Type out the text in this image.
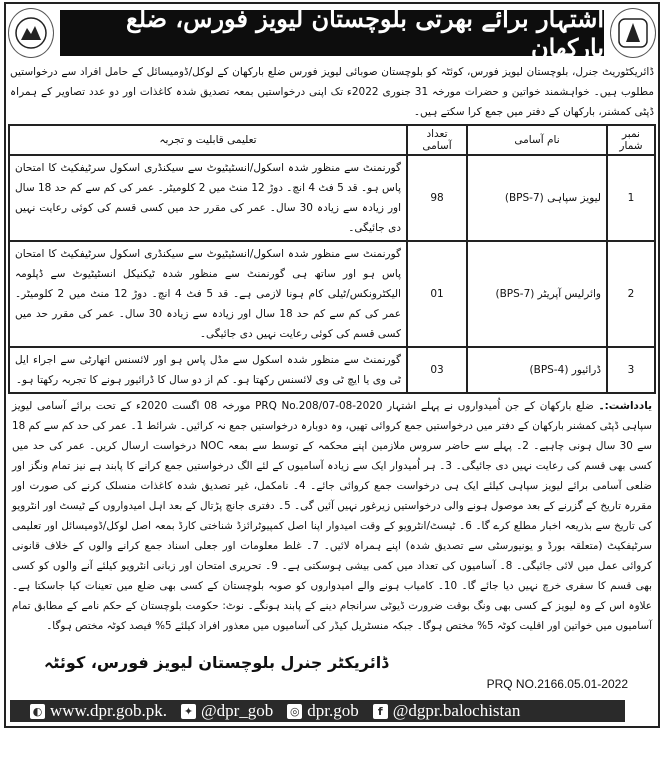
اشتہار برائے بھرتی بلوچستان لیویز فورس، ضلع بارکھان
ڈائریکٹوریٹ جنرل، بلوچستان لیویز فورس، کوئٹہ کو بلوچستان صوبائی لیویز فورس ضلع بارکھان کے لوکل/ڈومیسائل کے حامل افراد سے درخواستیں مطلوب ہیں۔ خواہشمند خواتین و حضرات مورخہ 31 جنوری 2022ء تک اپنی درخواستیں بمعہ تصدیق شدہ کاغذات اور دو عدد تصاویر کے ہمراہ ڈپٹی کمشنر، بارکھان کے دفتر میں جمع کرا سکتے ہیں۔
نمبر شمار	نام آسامی	تعداد آسامی	تعلیمی قابلیت و تجربہ
1	لیویز سپاہی (BPS-7)	98	گورنمنٹ سے منظور شدہ اسکول/انسٹیٹیوٹ سے سیکنڈری اسکول سرٹیفکیٹ کا امتحان پاس ہو۔ قد 5 فٹ 4 انچ۔ دوڑ 12 منٹ میں 2 کلومیٹر۔ عمر کی کم سے کم حد 18 سال اور زیادہ سے زیادہ 30 سال۔ عمر کی مقرر حد میں کسی قسم کی کوئی رعایت نہیں دی جائیگی۔
2	وائرلیس آپریٹر (BPS-7)	01	گورنمنٹ سے منظور شدہ اسکول/انسٹیٹیوٹ سے سیکنڈری اسکول سرٹیفکیٹ کا امتحان پاس ہو اور ساتھ ہی گورنمنٹ سے منظور شدہ ٹیکنیکل انسٹیٹیوٹ سے ڈپلومہ الیکٹرونکس/ٹیلی کام ہونا لازمی ہے۔ قد 5 فٹ 4 انچ۔ دوڑ 12 منٹ میں 2 کلومیٹر۔ عمر کی کم سے کم حد 18 سال اور زیادہ سے زیادہ 30 سال۔ عمر کی مقرر حد میں کسی قسم کی کوئی رعایت نہیں دی جائیگی۔
3	ڈرائیور (BPS-4)	03	گورنمنٹ سے منظور شدہ اسکول سے مڈل پاس ہو اور لائسنس اتھارٹی سے اجراء ایل ٹی وی یا ایچ ٹی وی لائسنس رکھتا ہو۔ کم از دو سال کا ڈرائیور ہونے کا تجربہ رکھتا ہو۔
یادداشت:۔ ضلع بارکھان کے جن اُمیدواروں نے پہلے اشتہار PRQ No.208/07-08-2020 مورخہ 08 اگست 2020ء کے تحت برائے آسامی لیویز سپاہی ڈپٹی کمشنر بارکھان کے دفتر میں درخواستیں جمع کروائی تھیں، وہ دوبارہ درخواستیں جمع نہ کرائیں۔ شرائط 1۔ عمر کی حد کم سے کم 18 سے 30 سال ہونی چاہیے۔ 2۔ پہلے سے حاضر سروس ملازمین اپنے محکمہ کے توسط سے بمعہ NOC درخواست ارسال کریں۔ عمر کی حد میں کسی بھی قسم کی رعایت نہیں دی جائیگی۔ 3۔ ہر اُمیدوار ایک سے زیادہ آسامیوں کے لئے الگ درخواستیں جمع کرانے کا پابند ہے نیز تمام ونگز اور ضلعی آسامی برائے لیویز سپاہی کیلئے ایک ہی درخواست جمع کروائی جائے۔ 4۔ نامکمل، غیر تصدیق شدہ کاغذات منسلک کرنے کی صورت اور مقررہ تاریخ کے گزرنے کے بعد موصول ہونے والی درخواستیں زیرغور نہیں آئیں گی۔ 5۔ دفتری جانچ پڑتال کے بعد اہل امیدواروں کے ٹیسٹ اور انٹرویو کی تاریخ سے بذریعہ اخبار مطلع کرے گا۔ 6۔ ٹیسٹ/انٹرویو کے وقت امیدوار اپنا اصل کمپیوٹرائزڈ شناختی کارڈ بمعہ اصل لوکل/ڈومیسائل اور تعلیمی سرٹیفکیٹ (متعلقہ بورڈ و یونیورسٹی سے تصدیق شدہ) اپنے ہمراہ لائیں۔ 7۔ غلط معلومات اور جعلی اسناد جمع کرانے والوں کے خلاف قانونی کروائی عمل میں لائی جائیگی۔ 8۔ آسامیوں کی تعداد میں کمی بیشی ہوسکتی ہے۔ 9۔ تحریری امتحان اور زبانی انٹرویو کیلئے آنے والوں کو کسی بھی قسم کا سفری خرچ نہیں دیا جائے گا۔ 10۔ کامیاب ہونے والے امیدواروں کو صوبہ بلوچستان کے کسی بھی ضلع میں تعینات کیا جاسکتا ہے۔ علاوہ اس کے وہ لیویز کے کسی بھی ونگ بوقت ضرورت ڈیوٹی سرانجام دینے کے پابند ہونگے۔ نوٹ: حکومت بلوچستان کے حکم نامے کے مطابق تمام آسامیوں میں خواتین اور اقلیت کوٹہ 5% مختص ہوگا۔ جبکہ منسٹریل کیڈر کی آسامیوں میں معذور افراد کیلئے 5% فیصد کوٹہ مختص ہوگا۔
ڈائریکٹر جنرل بلوچستان لیویز فورس، کوئٹہ
PRQ NO.2166.05.01-2022
◐ www.dpr.gob.pk. ✦ @dpr_gob ◎ dpr.gob	f @dgpr.balochistan
